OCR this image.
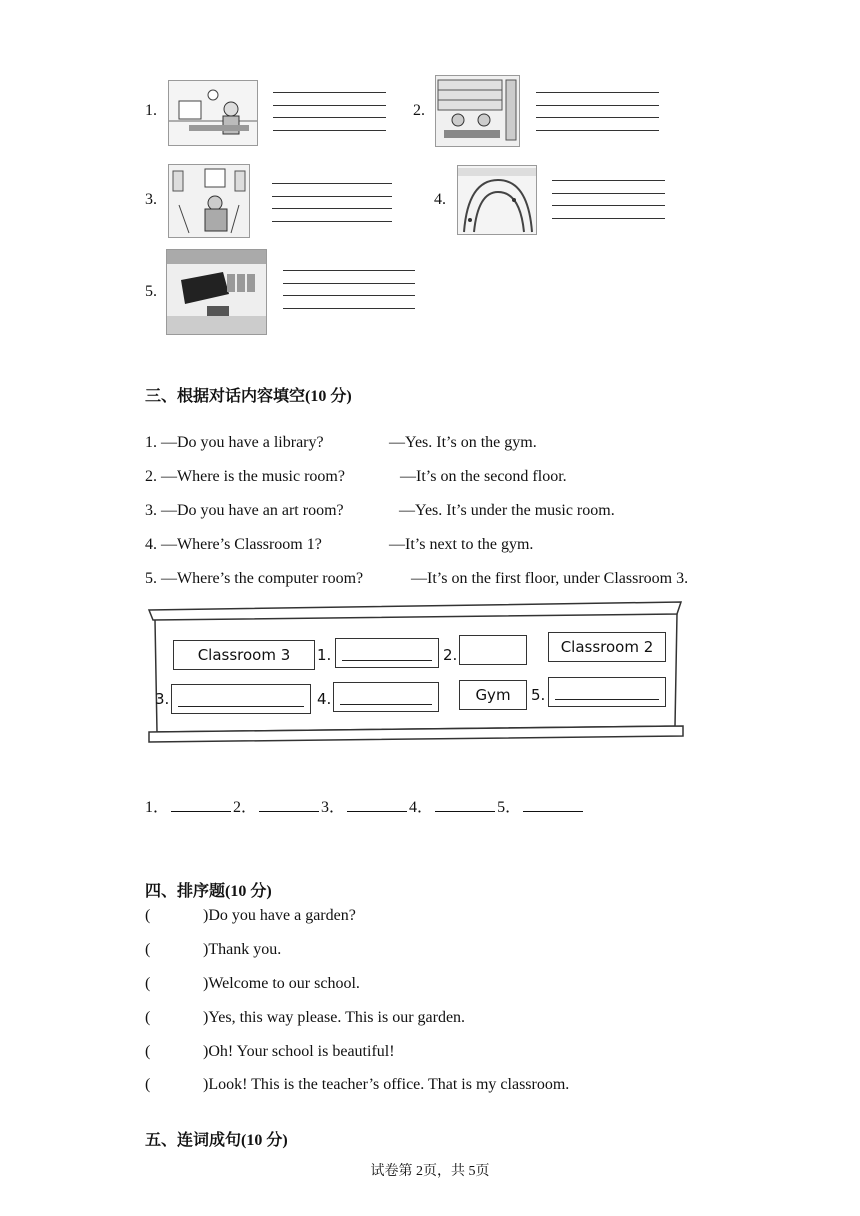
1.	2.
3.	4.
5.
三、根据对话内容填空(10 分)
1. —Do you have a library?	—Yes. It’s on the gym.
2. —Where is the music room?	—It’s on the second floor.
3. —Do you have an art room?	—Yes. It’s under the music room.
4. —Where’s Classroom 1?	—It’s next to the gym.
5. —Where’s the computer room?	—It’s on the first floor, under Classroom 3.
Classroom 3	1.	2.	Classroom 2
3.	4.	Gym	5.
1．	2．	3．	4．	5．
四、排序题(10 分)
(	)Do you have a garden?
(	)Thank you.
(	)Welcome to our school.
(	)Yes, this way please. This is our garden.
(	)Oh! Your school is beautiful!
(	)Look! This is the teacher’s office. That is my classroom.
五、连词成句(10 分)
试卷第 2页，共 5页
